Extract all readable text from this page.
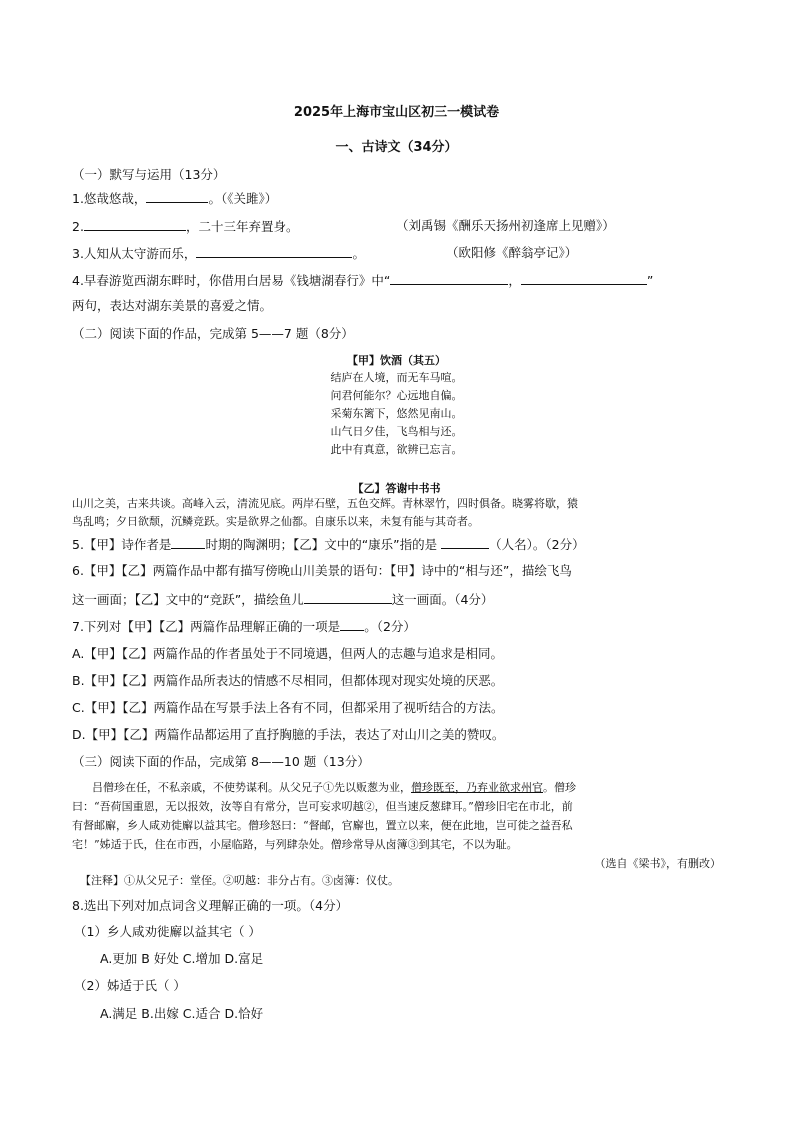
2025年上海市宝山区初三一模试卷
一、古诗文（34分）
（一）默写与运用（13分）
1.悠哉悠哉，	。（《关雎》）
2.	，二十三年弃置身。	（刘禹锡《酬乐天扬州初逢席上见赠》）
3.人知从太守游而乐，	。	（欧阳修《醉翁亭记》）
4.早春游览西湖东畔时，你借用白居易《钱塘湖春行》中“	，	”
两句，表达对湖东美景的喜爱之情。
（二）阅读下面的作品，完成第 5——7 题（8分）
【甲】饮酒（其五）
结庐在人境，而无车马喧。
问君何能尔？心远地自偏。
采菊东篱下，悠然见南山。
山气日夕佳，飞鸟相与还。
此中有真意，欲辨已忘言。
【乙】答谢中书书
山川之美，古来共谈。高峰入云，清流见底。两岸石壁，五色交辉。青林翠竹，四时俱备。晓雾将歇，猿
鸟乱鸣；夕日欲颓，沉鳞竞跃。实是欲界之仙都。自康乐以来，未复有能与其奇者。
5.【甲】诗作者是	时期的陶渊明；【乙】文中的“康乐”指的是	（人名）。（2分）
6.【甲】【乙】两篇作品中都有描写傍晚山川美景的语句：【甲】诗中的“相与还”，描绘飞鸟
这一画面；【乙】文中的“竞跃”，描绘鱼儿	这一画面。（4分）
7.下列对【甲】【乙】两篇作品理解正确的一项是 。（2分）
A.【甲】【乙】两篇作品的作者虽处于不同境遇，但两人的志趣与追求是相同。
B.【甲】【乙】两篇作品所表达的情感不尽相同，但都体现对现实处境的厌恶。
C.【甲】【乙】两篇作品在写景手法上各有不同，但都采用了视听结合的方法。
D.【甲】【乙】两篇作品都运用了直抒胸臆的手法，表达了对山川之美的赞叹。
（三）阅读下面的作品，完成第 8——10 题（13分）
吕僧珍在任，不私亲戚，不使势谋利。从父兄子①先以贩葱为业，僧珍既至，乃弃业欲求州官。僧珍
曰：“吾荷国重恩，无以报效，汝等自有常分，岂可妄求叨越②，但当速反葱肆耳。”僧珍旧宅在市北，前
有督邮廨，乡人咸劝徙廨以益其宅。僧珍怒曰：“督邮，官廨也，置立以来，便在此地，岂可徙之益吾私
宅！”姊适于氏，住在市西，小屋临路，与列肆杂处。僧珍常导从卤簿③到其宅，不以为耻。
（选自《梁书》，有删改）
【注释】①从父兄子：堂侄。②叨越：非分占有。③卤簿：仪仗。
8.选出下列对加点词含义理解正确的一项。（4分）
（1）乡人咸劝徙廨以益其宅（ ）
A.更加 B 好处 C.增加 D.富足
（2）姊适于氏（ ）
A.满足 B.出嫁 C.适合 D.恰好
